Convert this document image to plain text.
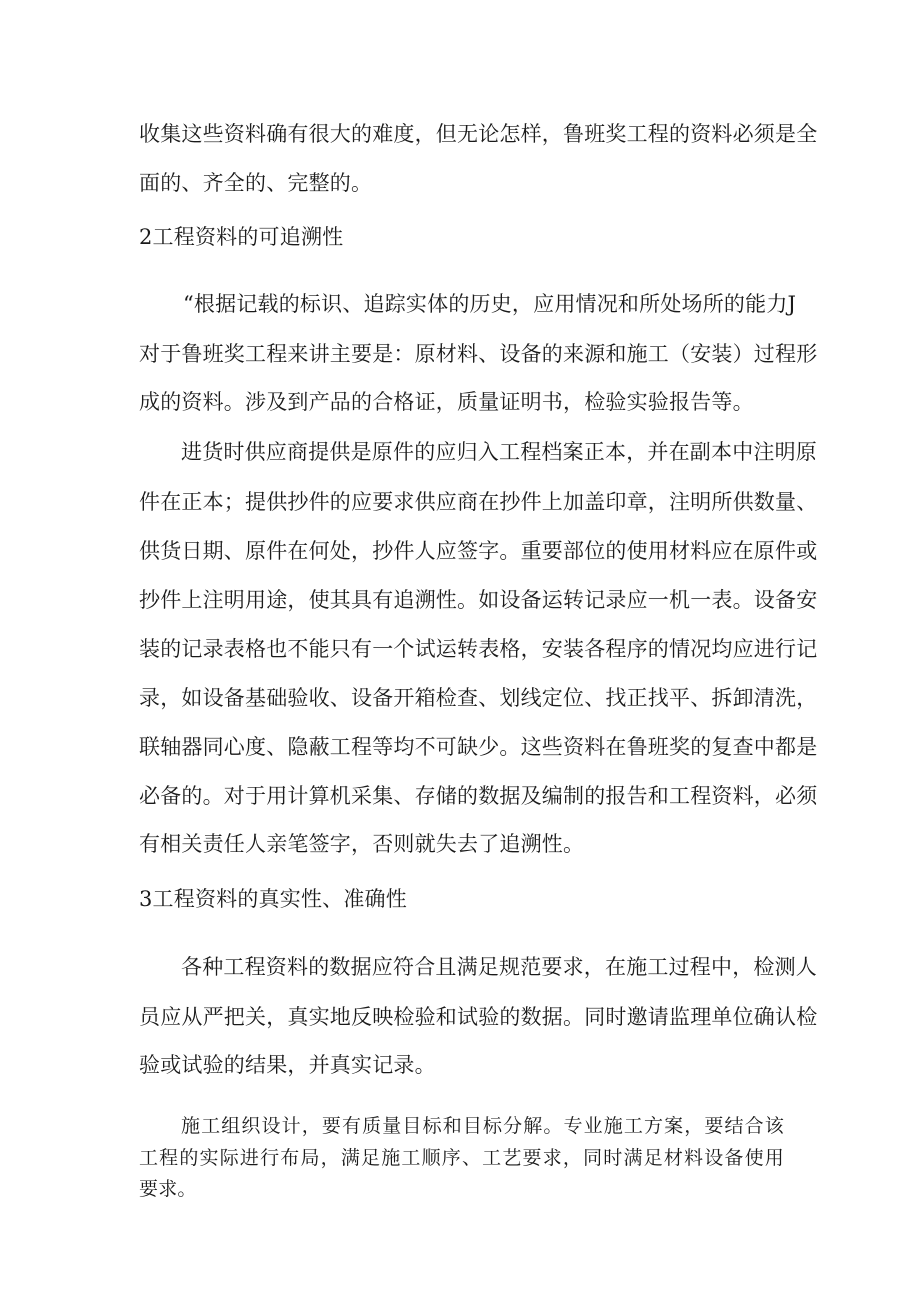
收集这些资料确有很大的难度，但无论怎样，鲁班奖工程的资料必须是全
面的、齐全的、完整的。
2工程资料的可追溯性
“根据记载的标识、追踪实体的历史，应用情况和所处场所的能力J
对于鲁班奖工程来讲主要是：原材料、设备的来源和施工（安装）过程形
成的资料。涉及到产品的合格证，质量证明书，检验实验报告等。
进货时供应商提供是原件的应归入工程档案正本，并在副本中注明原
件在正本；提供抄件的应要求供应商在抄件上加盖印章，注明所供数量、
供货日期、原件在何处，抄件人应签字。重要部位的使用材料应在原件或
抄件上注明用途，使其具有追溯性。如设备运转记录应一机一表。设备安
装的记录表格也不能只有一个试运转表格，安装各程序的情况均应进行记
录，如设备基础验收、设备开箱检查、划线定位、找正找平、拆卸清洗，
联轴器同心度、隐蔽工程等均不可缺少。这些资料在鲁班奖的复查中都是
必备的。对于用计算机采集、存储的数据及编制的报告和工程资料，必须
有相关责任人亲笔签字，否则就失去了追溯性。
3工程资料的真实性、准确性
各种工程资料的数据应符合且满足规范要求，在施工过程中，检测人
员应从严把关，真实地反映检验和试验的数据。同时邀请监理单位确认检
验或试验的结果，并真实记录。
施工组织设计，要有质量目标和目标分解。专业施工方案，要结合该
工程的实际进行布局，满足施工顺序、工艺要求，同时满足材料设备使用
要求。
